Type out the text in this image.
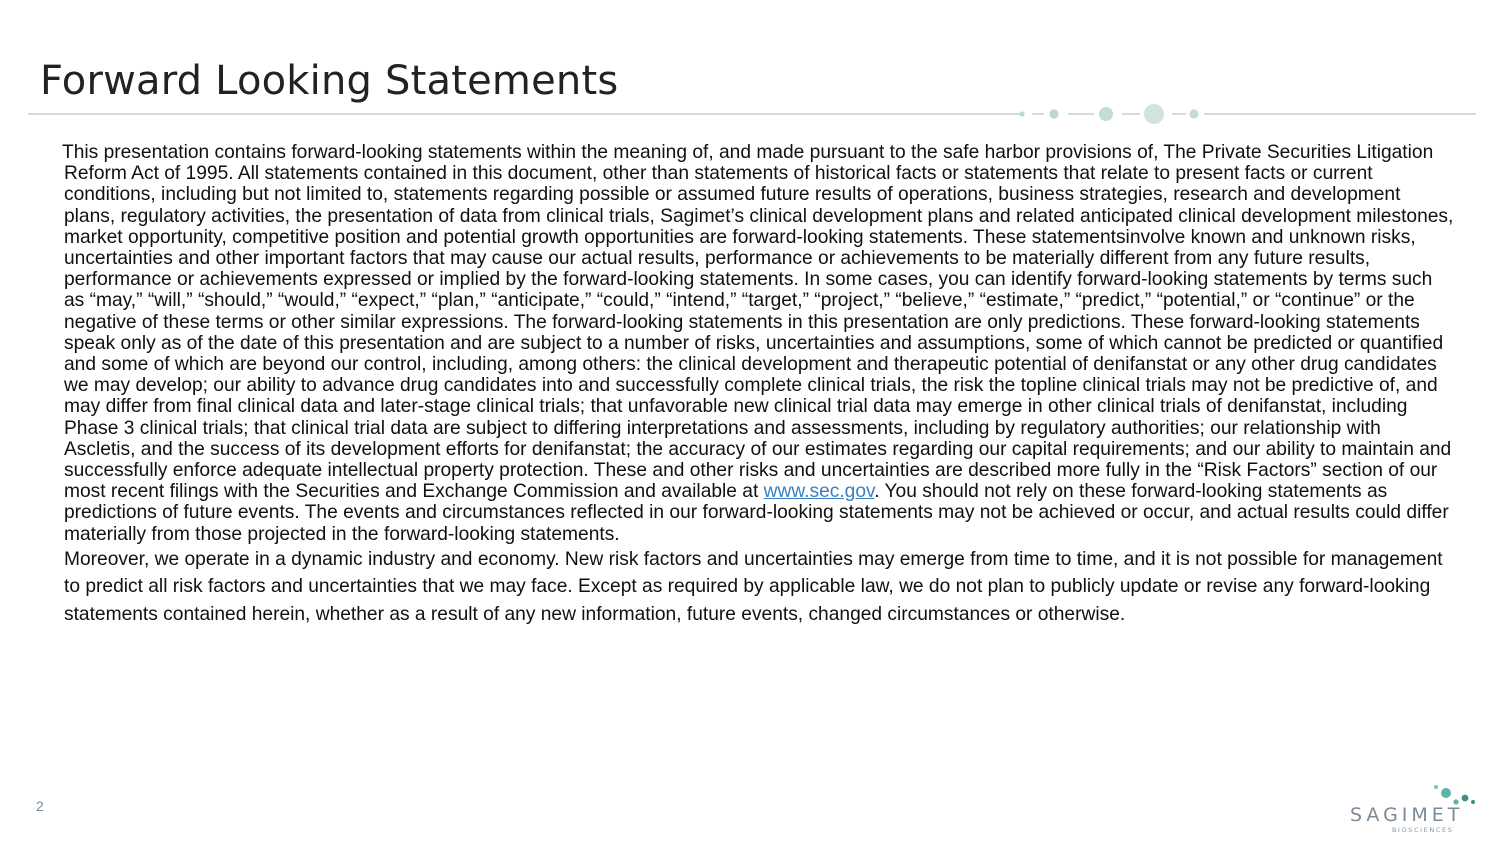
Forward Looking Statements

This presentation contains forward-looking statements within the meaning of, and made pursuant to the safe harbor provisions of, The Private Securities Litigation Reform Act of 1995. All statements contained in this document, other than statements of historical facts or statements that relate to present facts or current conditions, including but not limited to, statements regarding possible or assumed future results of operations, business strategies, research and development plans, regulatory activities, the presentation of data from clinical trials, Sagimet’s clinical development plans and related anticipated clinical development milestones, market opportunity, competitive position and potential growth opportunities are forward-looking statements. These statementsinvolve known and unknown risks, uncertainties and other important factors that may cause our actual results, performance or achievements to be materially different from any future results, performance or achievements expressed or implied by the forward-looking statements. In some cases, you can identify forward-looking statements by terms such as “may,” “will,” “should,” “would,” “expect,” “plan,” “anticipate,” “could,” “intend,” “target,” “project,” “believe,” “estimate,” “predict,” “potential,” or “continue” or the negative of these terms or other similar expressions. The forward-looking statements in this presentation are only predictions. These forward-looking statements speak only as of the date of this presentation and are subject to a number of risks, uncertainties and assumptions, some of which cannot be predicted or quantified and some of which are beyond our control, including, among others: the clinical development and therapeutic potential of denifanstat or any other drug candidates we may develop; our ability to advance drug candidates into and successfully complete clinical trials, the risk the topline clinical trials may not be predictive of, and may differ from final clinical data and later-stage clinical trials; that unfavorable new clinical trial data may emerge in other clinical trials of denifanstat, including Phase 3 clinical trials; that clinical trial data are subject to differing interpretations and assessments, including by regulatory authorities; our relationship with Ascletis, and the success of its development efforts for denifanstat; the accuracy of our estimates regarding our capital requirements; and our ability to maintain and successfully enforce adequate intellectual property protection. These and other risks and uncertainties are described more fully in the “Risk Factors” section of our most recent filings with the Securities and Exchange Commission and available at www.sec.gov. You should not rely on these forward-looking statements as predictions of future events. The events and circumstances reflected in our forward-looking statements may not be achieved or occur, and actual results could differ materially from those projected in the forward-looking statements.

Moreover, we operate in a dynamic industry and economy. New risk factors and uncertainties may emerge from time to time, and it is not possible for management to predict all risk factors and uncertainties that we may face. Except as required by applicable law, we do not plan to publicly update or revise any forward-looking statements contained herein, whether as a result of any new information, future events, changed circumstances or otherwise.

2	SAGIMET
BIOSCIENCES
